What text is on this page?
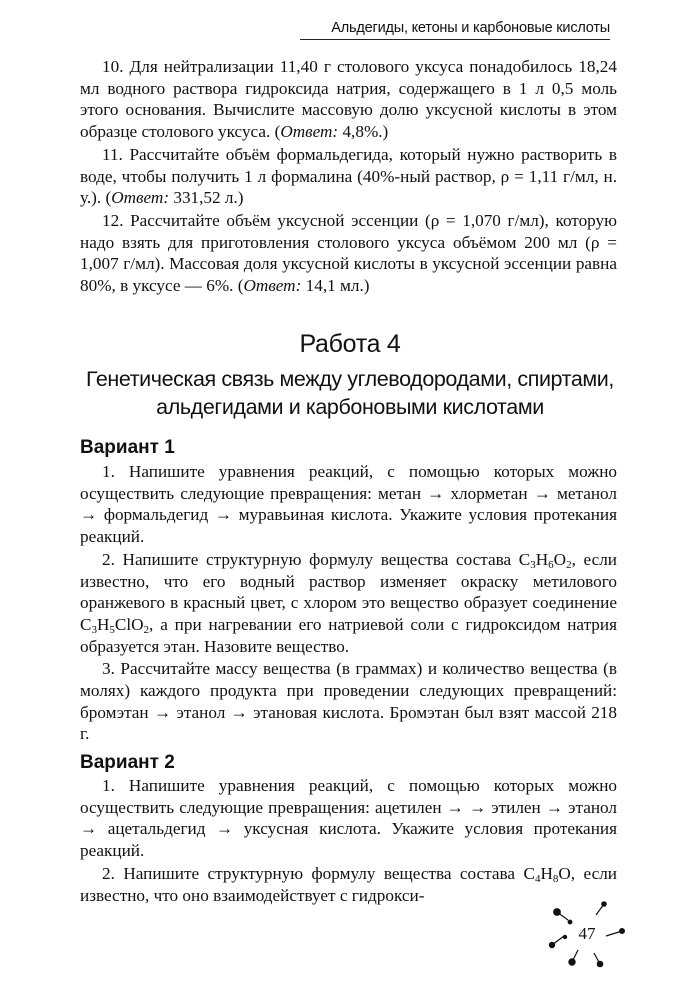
Альдегиды, кетоны и карбоновые кислоты

10. Для нейтрализации 11,40 г столового уксуса понадобилось 18,24 мл водного раствора гидроксида натрия, содержащего в 1 л 0,5 моль этого основания. Вычислите массовую долю уксусной кислоты в этом образце столового уксуса. (Ответ: 4,8%.)

11. Рассчитайте объём формальдегида, который нужно растворить в воде, чтобы получить 1 л формалина (40%-ный раствор, ρ = 1,11 г/мл, н. у.). (Ответ: 331,52 л.)

12. Рассчитайте объём уксусной эссенции (ρ = 1,070 г/мл), которую надо взять для приготовления столового уксуса объёмом 200 мл (ρ = 1,007 г/мл). Массовая доля уксусной кислоты в уксусной эссенции равна 80%, в уксусе — 6%. (Ответ: 14,1 мл.)

Работа 4
Генетическая связь между углеводородами, спиртами, альдегидами и карбоновыми кислотами
Вариант 1

1. Напишите уравнения реакций, с помощью которых можно осуществить следующие превращения: метан → хлорметан → метанол → формальдегид → муравьиная кислота. Укажите условия протекания реакций.

2. Напишите структурную формулу вещества состава $C_3H_6O_2$, если известно, что его водный раствор изменяет окраску метилового оранжевого в красный цвет, с хлором это вещество образует соединение $C_3H_5ClO_2$, а при нагревании его натриевой соли с гидроксидом натрия образуется этан. Назовите вещество.

3. Рассчитайте массу вещества (в граммах) и количество вещества (в молях) каждого продукта при проведении следующих превращений: бромэтан → этанол → этановая кислота. Бромэтан был взят массой 218 г.

Вариант 2

1. Напишите уравнения реакций, с помощью которых можно осуществить следующие превращения: ацетилен → → этилен → этанол → ацетальдегид → уксусная кислота. Укажите условия протекания реакций.

2. Напишите структурную формулу вещества состава $C_4H_8O$, если известно, что оно взаимодействует с гидрокси-

47
